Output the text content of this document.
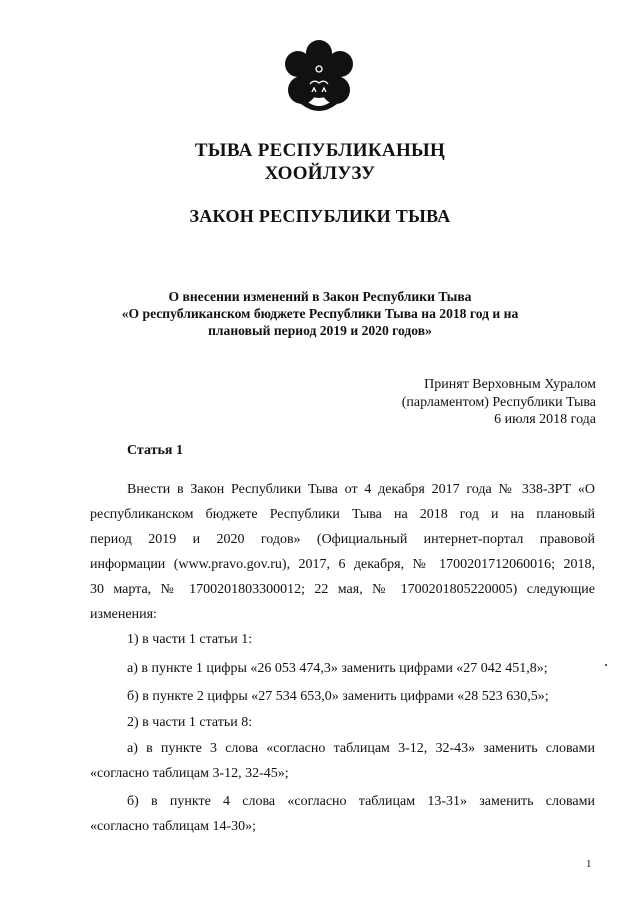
ТЫВА РЕСПУБЛИКАНЫҢ
ХООЙЛУЗУ
ЗАКОН РЕСПУБЛИКИ ТЫВА
О внесении изменений в Закон Республики Тыва
«О республиканском бюджете Республики Тыва на 2018 год и на
плановый период 2019 и 2020 годов»
Принят Верховным Хуралом
(парламентом) Республики Тыва
6 июля 2018 года
Статья 1
Внести в Закон Республики Тыва от 4 декабря 2017 года № 338-ЗРТ «О
республиканском бюджете Республики Тыва на 2018 год и на плановый
период 2019 и 2020 годов» (Официальный интернет-портал правовой
информации (www.pravo.gov.ru), 2017, 6 декабря, № 1700201712060016; 2018,
30 марта, № 1700201803300012; 22 мая, № 1700201805220005) следующие
изменения:
1) в части 1 статьи 1:
а) в пункте 1 цифры «26 053 474,3» заменить цифрами «27 042 451,8»;
б) в пункте 2 цифры «27 534 653,0» заменить цифрами «28 523 630,5»;
2) в части 1 статьи 8:
а) в пункте 3 слова «согласно таблицам 3-12, 32-43» заменить словами
«согласно таблицам 3-12, 32-45»;
б) в пункте 4 слова «согласно таблицам 13-31» заменить словами
«согласно таблицам 14-30»;
1
